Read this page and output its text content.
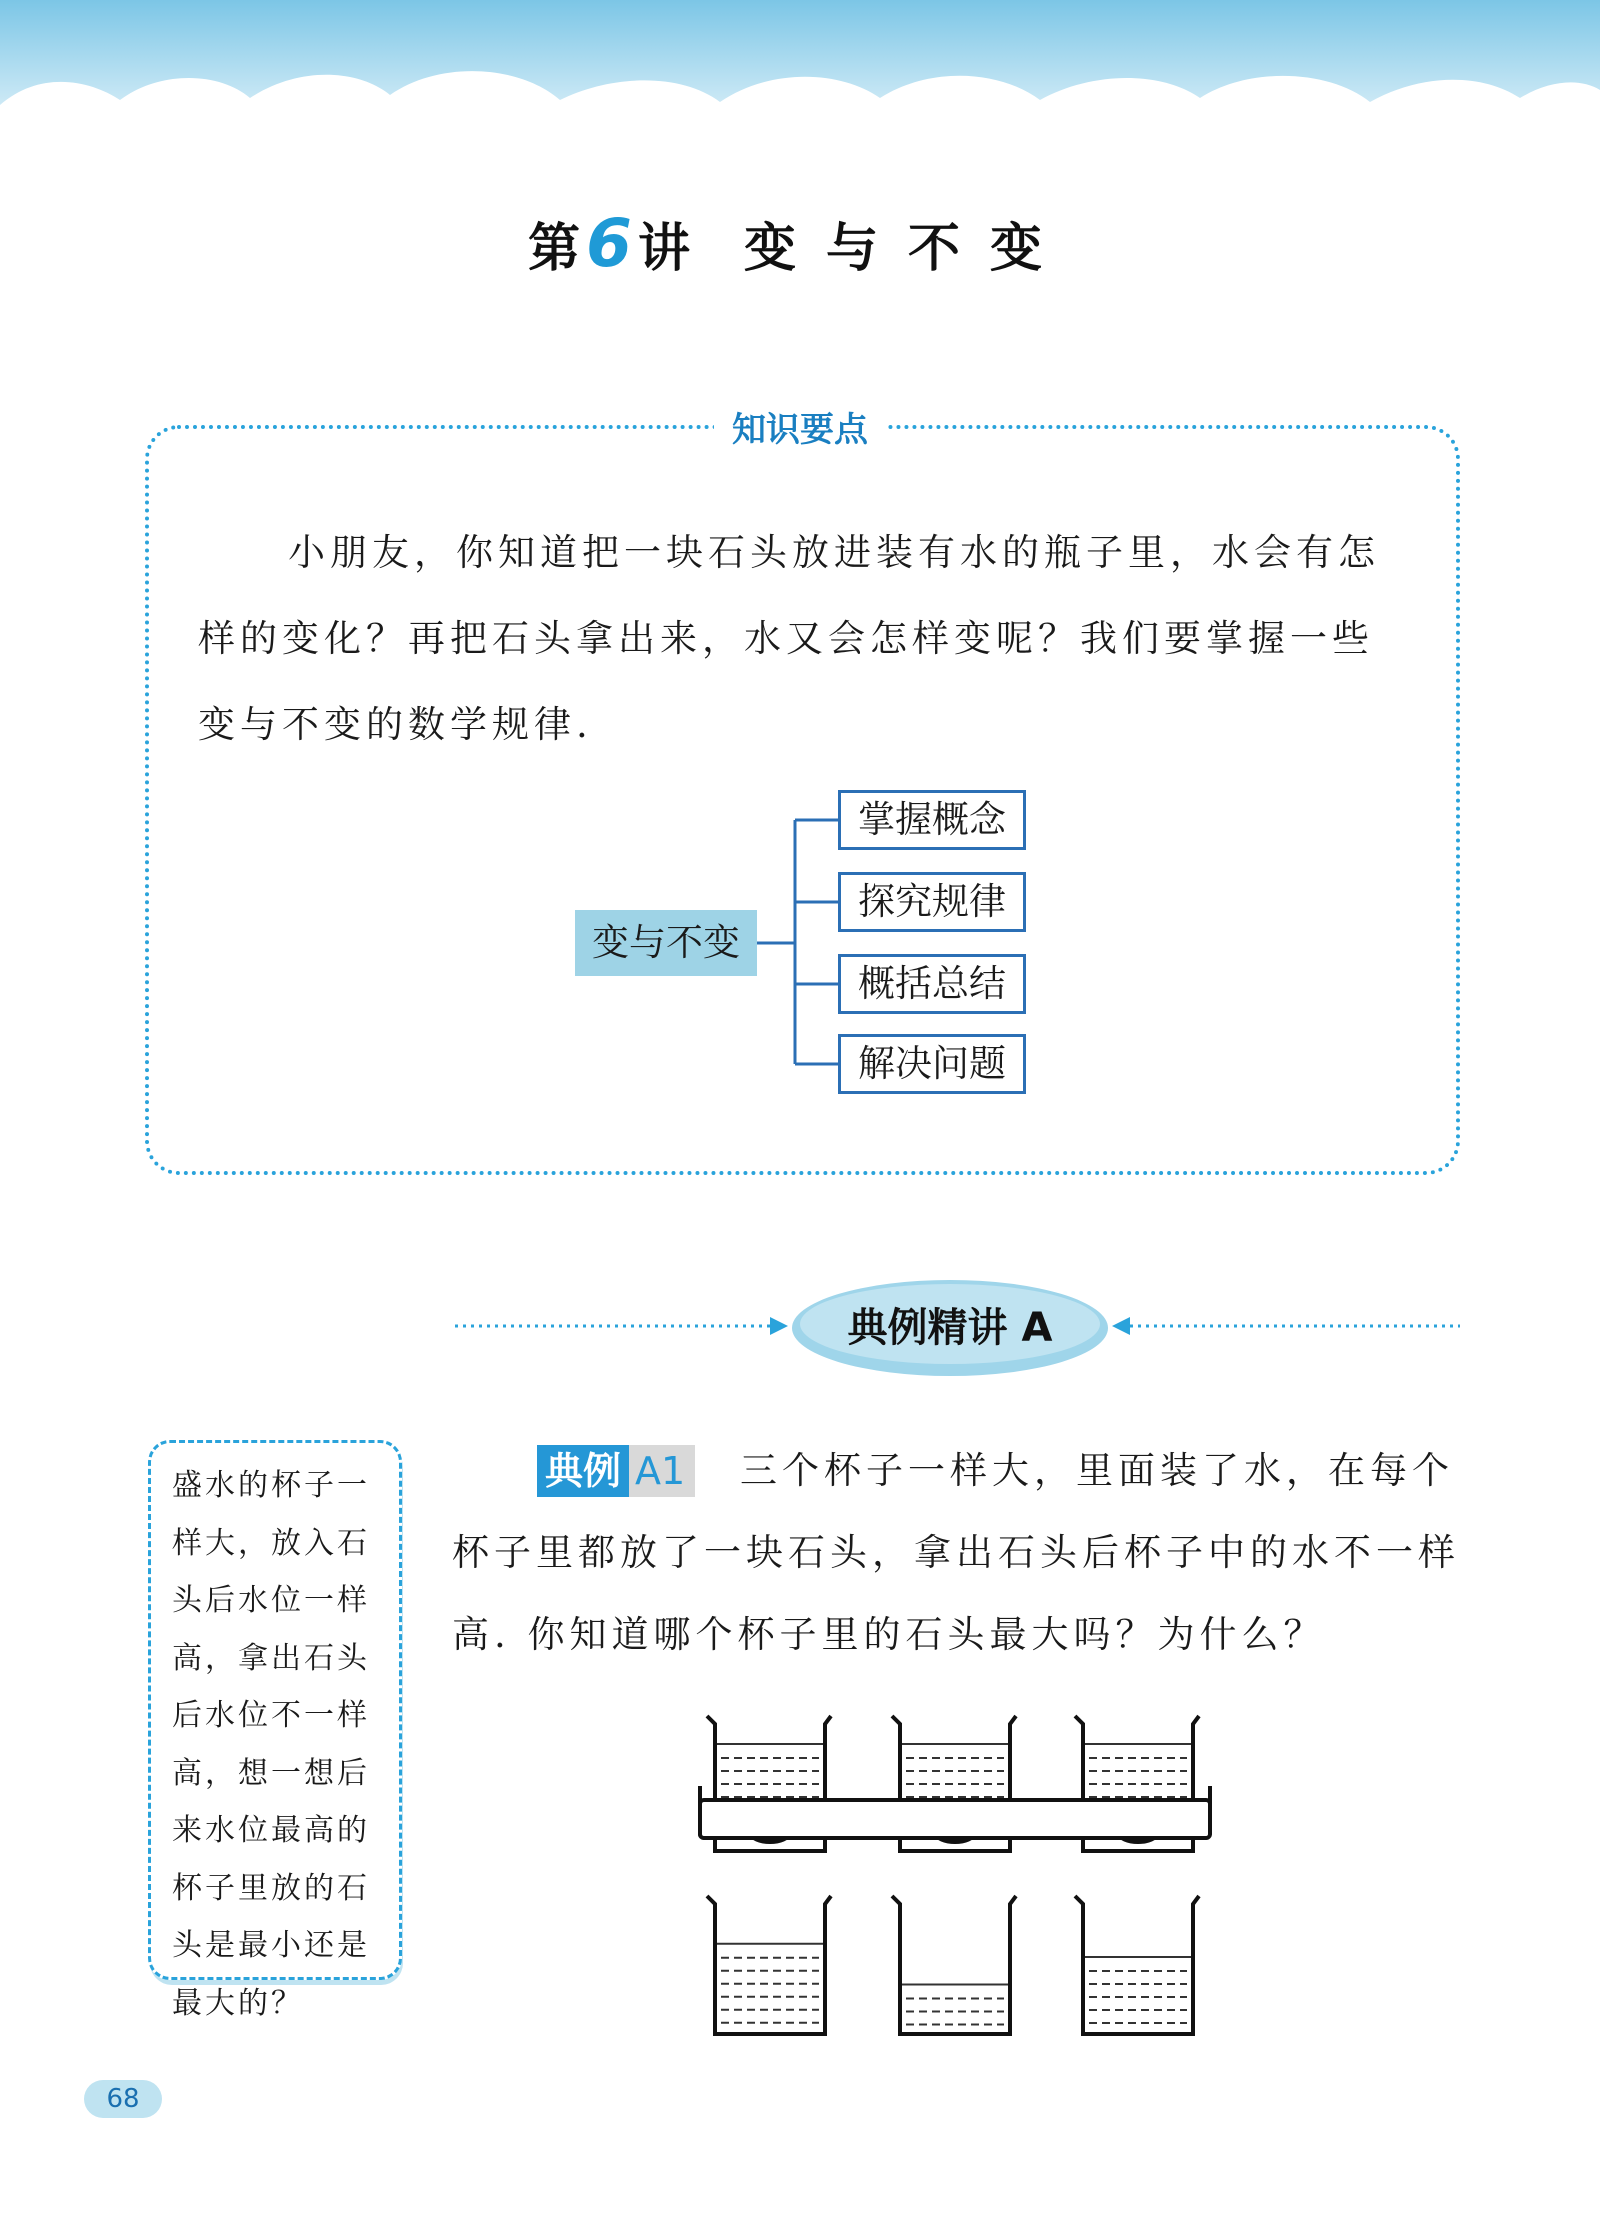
第6讲 变与不变
知识要点
小朋友，你知道把一块石头放进装有水的瓶子里，水会有怎样的变化？再把石头拿出来，水又会怎样变呢？我们要掌握一些变与不变的数学规律.
变与不变
掌握概念
探究规律
概括总结
解决问题
典例精讲 A
盛水的杯子一样大，放入石头后水位一样高，拿出石头后水位不一样高，想一想后来水位最高的杯子里放的石头是最小还是最大的？
三个杯子一样大，里面装了水，在每个杯子里都放了一块石头，拿出石头后杯子中的水不一样高. 你知道哪个杯子里的石头最大吗？为什么？
典例 A1
68
